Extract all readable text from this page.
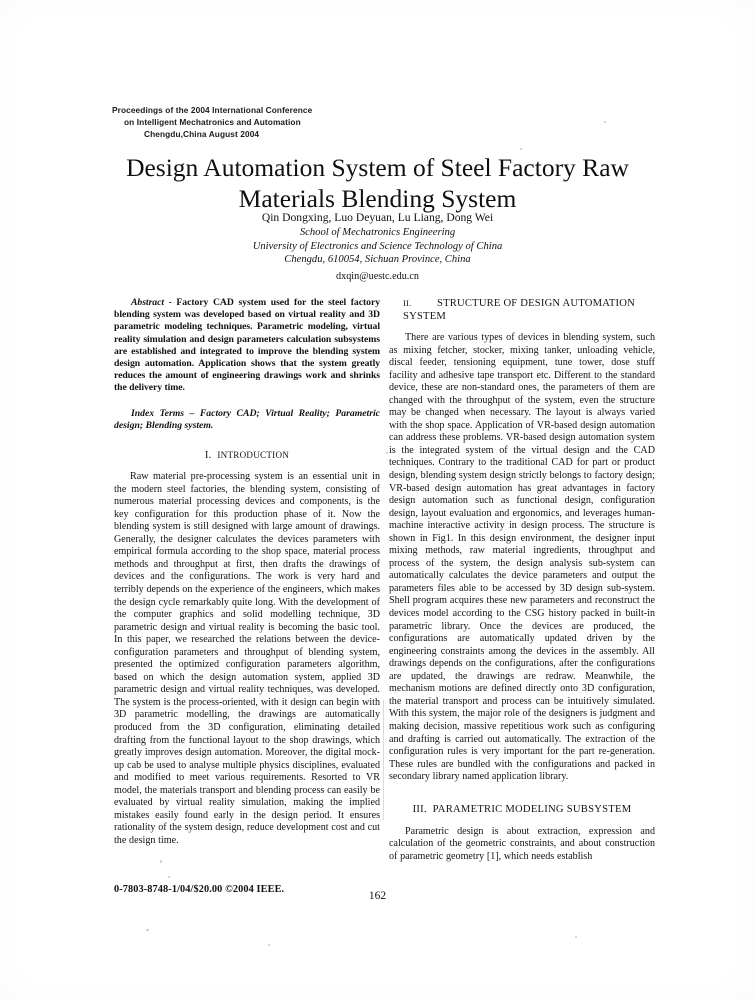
Proceedings of the 2004 International Conference
on Intelligent Mechatronics and Automation
Chengdu,China August 2004
Design Automation System of Steel Factory Raw Materials Blending System
Qin Dongxing, Luo Deyuan, Lu Liang, Dong Wei
School of Mechatronics Engineering
University of Electronics and Science Technology of China
Chengdu, 610054, Sichuan Province, China
dxqin@uestc.edu.cn

Abstract - Factory CAD system used for the steel factory blending system was developed based on virtual reality and 3D parametric modeling techniques. Parametric modeling, virtual reality simulation and design parameters calculation subsystems are established and integrated to improve the blending system design automation. Application shows that the system greatly reduces the amount of engineering drawings work and shrinks the delivery time.

Index Terms – Factory CAD; Virtual Reality; Parametric design; Blending system.

I. INTRODUCTION

Raw material pre-processing system is an essential unit in the modern steel factories, the blending system, consisting of numerous material processing devices and components, is the key configuration for this production phase of it. Now the blending system is still designed with large amount of drawings. Generally, the designer calculates the devices parameters with empirical formula according to the shop space, material process methods and throughput at first, then drafts the drawings of devices and the configurations. The work is very hard and terribly depends on the experience of the engineers, which makes the design cycle remarkably quite long. With the development of the computer graphics and solid modelling technique, 3D parametric design and virtual reality is becoming the basic tool. In this paper, we researched the relations between the device-configuration parameters and throughput of blending system, presented the optimized configuration parameters algorithm, based on which the design automation system, applied 3D parametric design and virtual reality techniques, was developed. The system is the process-oriented, with it design can begin with 3D parametric modelling, the drawings are automatically produced from the 3D configuration, eliminating detailed drafting from the functional layout to the shop drawings, which greatly improves design automation. Moreover, the digital mock-up cab be used to analyse multiple physics disciplines, evaluated and modified to meet various requirements. Resorted to VR model, the materials transport and blending process can easily be evaluated by virtual reality simulation, making the implied mistakes easily found early in the design period. It ensures rationality of the system design, reduce development cost and cut the design time.

II. STRUCTURE OF DESIGN AUTOMATION SYSTEM

There are various types of devices in blending system, such as mixing fetcher, stocker, mixing tanker, unloading vehicle, discal feeder, tensioning equipment, tune tower, dose stuff facility and adhesive tape transport etc. Different to the standard device, these are non-standard ones, the parameters of them are changed with the throughput of the system, even the structure may be changed when necessary. The layout is always varied with the shop space. Application of VR-based design automation can address these problems. VR-based design automation system is the integrated system of the virtual design and the CAD techniques. Contrary to the traditional CAD for part or product design, blending system design strictly belongs to factory design; VR-based design automation has great advantages in factory design automation such as functional design, configuration design, layout evaluation and ergonomics, and leverages human-machine interactive activity in design process. The structure is shown in Fig1. In this design environment, the designer input mixing methods, raw material ingredients, throughput and process of the system, the design analysis sub-system can automatically calculates the device parameters and output the parameters files able to be accessed by 3D design sub-system. Shell program acquires these new parameters and reconstruct the devices model according to the CSG history packed in built-in parametric library. Once the devices are produced, the configurations are automatically updated driven by the engineering constraints among the devices in the assembly. All drawings depends on the configurations, after the configurations are updated, the drawings are redraw. Meanwhile, the mechanism motions are defined directly onto 3D configuration, the material transport and process can be intuitively simulated. With this system, the major role of the designers is judgment and making decision, massive repetitious work such as configuring and drafting is carried out automatically. The extraction of the configuration rules is very important for the part re-generation. These rules are bundled with the configurations and packed in secondary library named application library.

III. PARAMETRIC MODELING SUBSYSTEM

Parametric design is about extraction, expression and calculation of the geometric constraints, and about construction of parametric geometry [1], which needs establish

0-7803-8748-1/04/$20.00 ©2004 IEEE.
162
